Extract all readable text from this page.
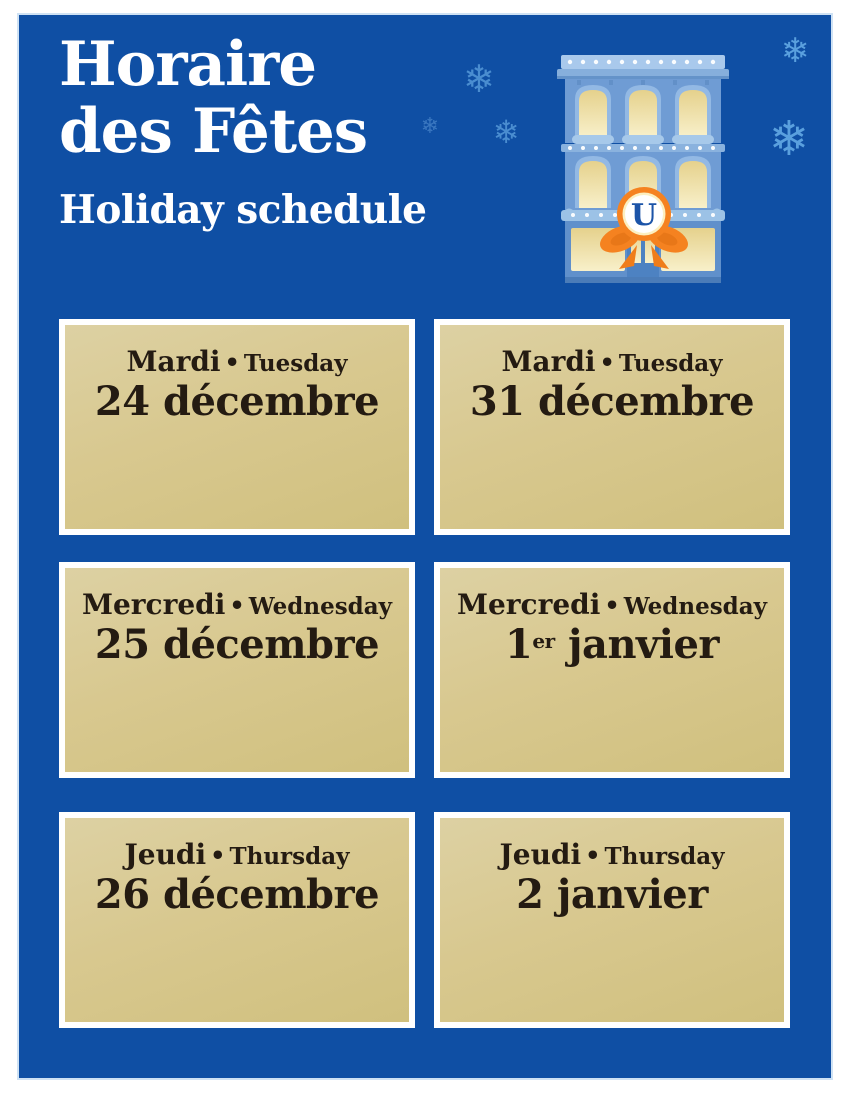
Horaire
des Fêtes
Holiday schedule
❄
❄ ❄
❄
❄
U
Mardi • Tuesday
24 décembre
Mardi • Tuesday
31 décembre
Mercredi • Wednesday
25 décembre
Mercredi • Wednesday
1er janvier
Jeudi • Thursday
26 décembre
Jeudi • Thursday
2 janvier
